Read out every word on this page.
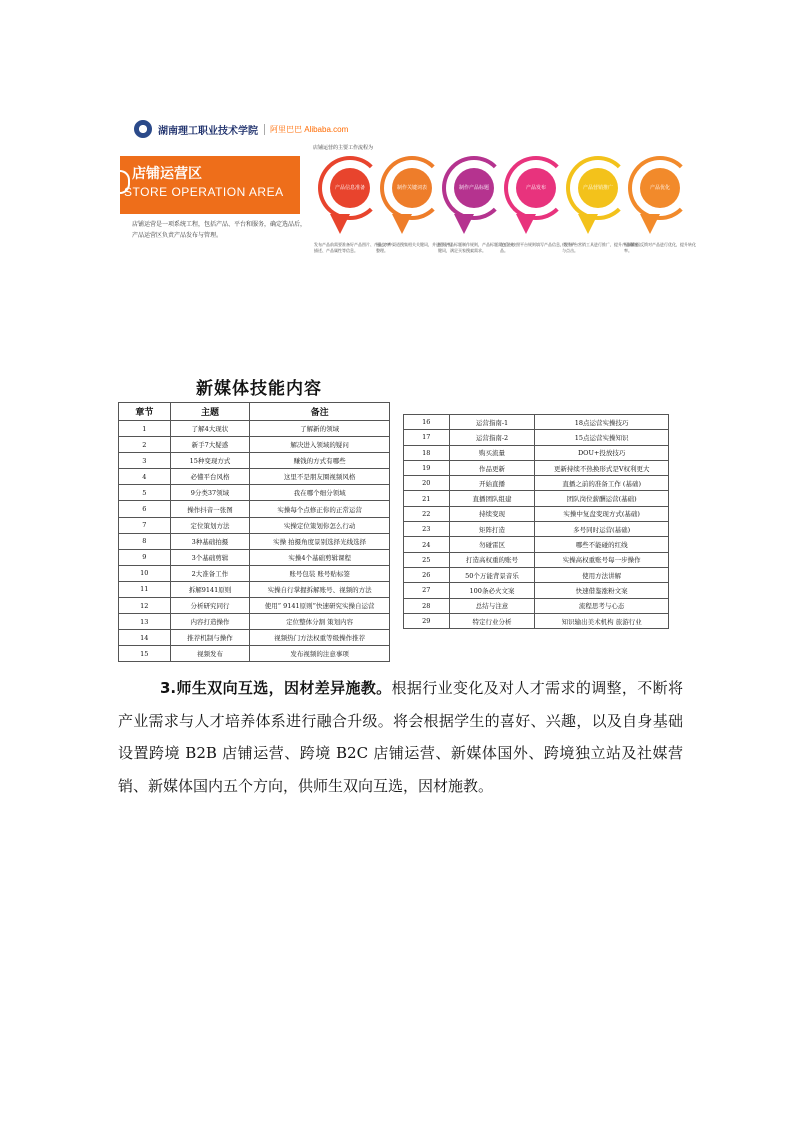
湖南理工职业技术学院	阿里巴巴 Alibaba.com
店铺运营区
STORE OPERATION AREA
店铺运营是一项系统工程，包括产品、平台和服务，确定选品后，产品运营区负责产品发布与管理。
店铺运营的主要工作流程为
产品信息准备
发布产品前需要准备好产品图片、产品文字描述、产品属性等信息。
制作关键词表
通过多种渠道搜集相关关键词，并进行分组整理。
制作产品标题
根据产品标题制作规则，产品标题需包含关键词，满足买家搜索需求。
产品发布
在后台按照平台规则填写产品信息，发布产品。
产品营销推广
使用平台营销工具进行推广，提升产品曝光与点击。
产品优化
根据数据反馈对产品进行优化，提升转化率。
新媒体技能内容
章节	主题	备注
1	了解4大现状	了解新的领域
2	新手7大疑惑	解决进入领域的疑问
3	15种变现方式	赚钱的方式有哪些
4	必懂平台风格	这里不是朋友圈视频风格
5	9分类37领域	我在哪个细分领域
6	操作抖音一张图	实操每个点修正你的正常运营
7	定位策划方法	实操定位策划你怎么行动
8	3种基础拍摄	实操 拍摄角度景别选择光线选择
9	3个基础剪辑	实操4个基础剪辑课程
10	2大准备工作	账号包装 账号贴标签
11	拆解9141原则	实操自行掌握拆解账号、视频的方法
12	分析研究同行	使用” 9141原则”快速研究实操自运营
13	内容打造操作	定位整体分割 策划内容
14	推荐机制与操作	视频热门方法权重等级操作推荐
15	视频发布	发布视频的注意事项
16	运营指南-1	18点运营实操技巧
17	运营指南-2	15点运营实操知识
18	购买流量	DOU+投放技巧
19	作品更新	更新持续不热换形式是V权利更大
20	开始直播	直播之前的准备工作 (基础)
21	直播团队组建	团队岗位薪酬运营(基础)
22	持续变现	实操中复盘变现方式(基础)
23	矩阵打造	多号同时运营(基础)
24	勿碰雷区	哪些不能碰的红线
25	打造高权重的账号	实操高权重账号每一步操作
26	50个万能背景音乐	使用方法讲解
27	100条必火文案	快速借鉴涨粉文案
28	总结与注意	流程思考与心态
29	特定行业分析	知识输出美术机构 旅游行业

3.师生双向互选，因材差异施教。根据行业变化及对人才需求的调整，不断将产业需求与人才培养体系进行融合升级。将会根据学生的喜好、兴趣，以及自身基础设置跨境 B2B 店铺运营、跨境 B2C 店铺运营、新媒体国外、跨境独立站及社媒营销、新媒体国内五个方向，供师生双向互选，因材施教。
